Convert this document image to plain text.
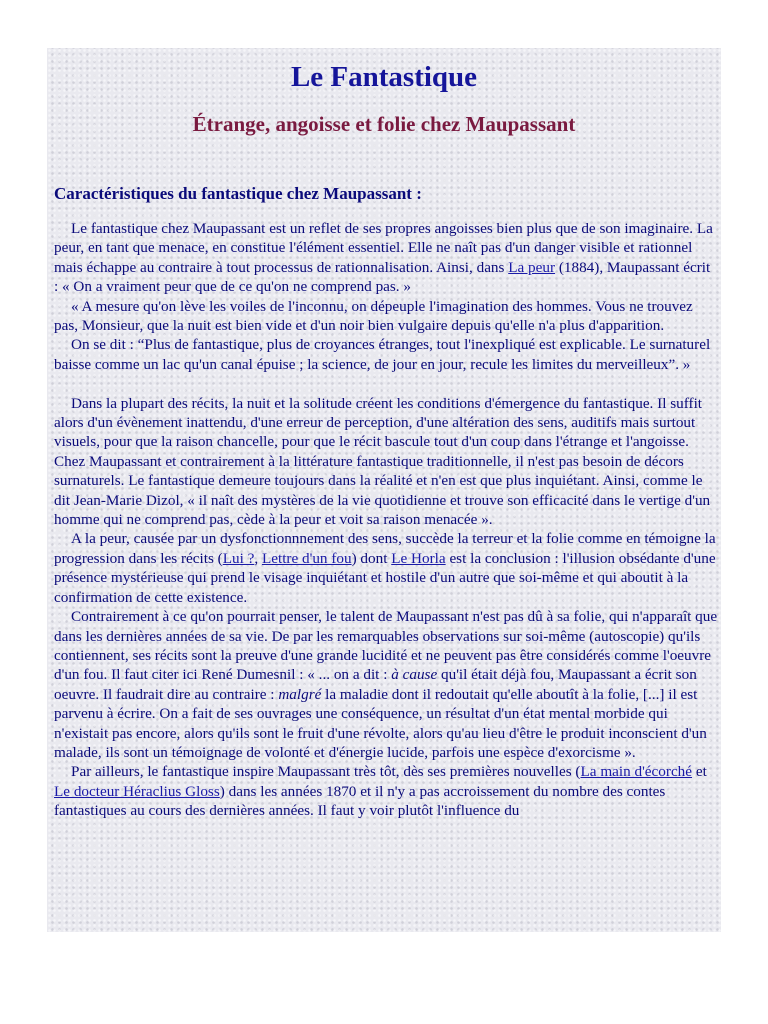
Le Fantastique
Étrange, angoisse et folie chez Maupassant
Caractéristiques du fantastique chez Maupassant :

Le fantastique chez Maupassant est un reflet de ses propres angoisses bien plus que de son imaginaire. La peur, en tant que menace, en constitue l'élément essentiel. Elle ne naît pas d'un danger visible et rationnel mais échappe au contraire à tout processus de rationnalisation. Ainsi, dans La peur (1884), Maupassant écrit : « On a vraiment peur que de ce qu'on ne comprend pas. »

« A mesure qu'on lève les voiles de l'inconnu, on dépeuple l'imagination des hommes. Vous ne trouvez pas, Monsieur, que la nuit est bien vide et d'un noir bien vulgaire depuis qu'elle n'a plus d'apparition.

On se dit : “Plus de fantastique, plus de croyances étranges, tout l'inexpliqué est explicable. Le surnaturel baisse comme un lac qu'un canal épuise ; la science, de jour en jour, recule les limites du merveilleux”. »

Dans la plupart des récits, la nuit et la solitude créent les conditions d'émergence du fantastique. Il suffit alors d'un évènement inattendu, d'une erreur de perception, d'une altération des sens, auditifs mais surtout visuels, pour que la raison chancelle, pour que le récit bascule tout d'un coup dans l'étrange et l'angoisse. Chez Maupassant et contrairement à la littérature fantastique traditionnelle, il n'est pas besoin de décors surnaturels. Le fantastique demeure toujours dans la réalité et n'en est que plus inquiétant. Ainsi, comme le dit Jean-Marie Dizol, « il naît des mystères de la vie quotidienne et trouve son efficacité dans le vertige d'un homme qui ne comprend pas, cède à la peur et voit sa raison menacée ».

A la peur, causée par un dysfonctionnnement des sens, succède la terreur et la folie comme en témoigne la progression dans les récits (Lui ?, Lettre d'un fou) dont Le Horla est la conclusion : l'illusion obsédante d'une présence mystérieuse qui prend le visage inquiétant et hostile d'un autre que soi-même et qui aboutit à la confirmation de cette existence.

Contrairement à ce qu'on pourrait penser, le talent de Maupassant n'est pas dû à sa folie, qui n'apparaît que dans les dernières années de sa vie. De par les remarquables observations sur soi-même (autoscopie) qu'ils contiennent, ses récits sont la preuve d'une grande lucidité et ne peuvent pas être considérés comme l'oeuvre d'un fou. Il faut citer ici René Dumesnil : « ... on a dit : à cause qu'il était déjà fou, Maupassant a écrit son oeuvre. Il faudrait dire au contraire : malgré la maladie dont il redoutait qu'elle aboutît à la folie, [...] il est parvenu à écrire. On a fait de ses ouvrages une conséquence, un résultat d'un état mental morbide qui n'existait pas encore, alors qu'ils sont le fruit d'une révolte, alors qu'au lieu d'être le produit inconscient d'un malade, ils sont un témoignage de volonté et d'énergie lucide, parfois une espèce d'exorcisme ».

Par ailleurs, le fantastique inspire Maupassant très tôt, dès ses premières nouvelles (La main d'écorché et Le docteur Héraclius Gloss) dans les années 1870 et il n'y a pas accroissement du nombre des contes fantastiques au cours des dernières années. Il faut y voir plutôt l'influence du
